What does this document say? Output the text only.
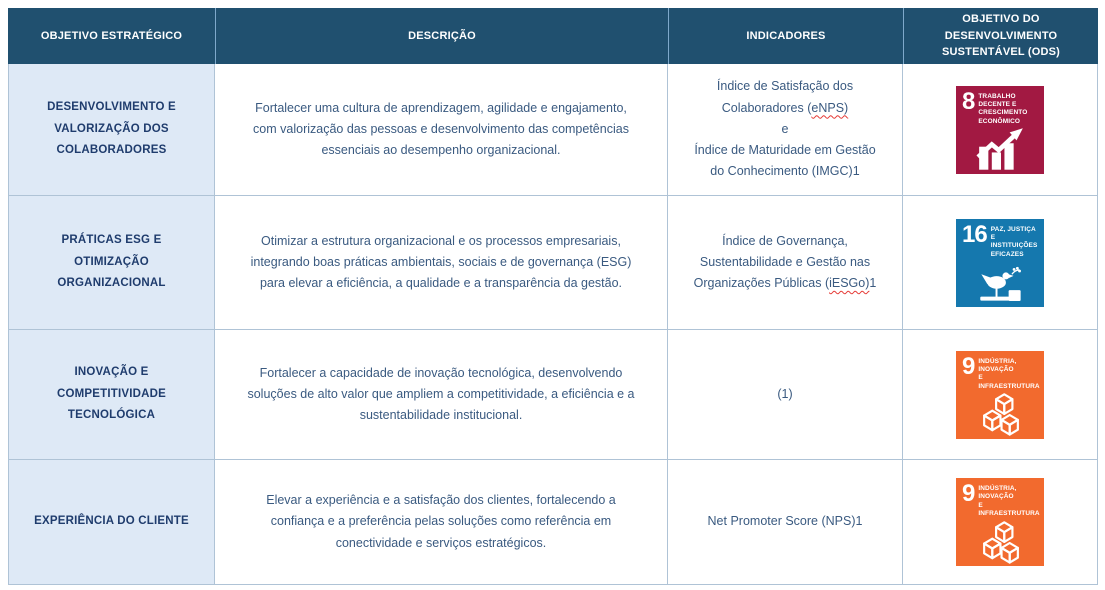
OBJETIVO ESTRATÉGICO	DESCRIÇÃO	INDICADORES
OBJETIVO DO
DESENVOLVIMENTO
SUSTENTÁVEL (ODS)
DESENVOLVIMENTO E
VALORIZAÇÃO DOS
COLABORADORES
Fortalecer uma cultura de aprendizagem, agilidade e engajamento,
com valorização das pessoas e desenvolvimento das competências
essenciais ao desempenho organizacional.
Índice de Satisfação dos
Colaboradores (eNPS)
e
Índice de Maturidade em Gestão
do Conhecimento (IMGC)1
8 TRABALHO DECENTE E
CRESCIMENTO
ECONÔMICO
PRÁTICAS ESG E OTIMIZAÇÃO
ORGANIZACIONAL
Otimizar a estrutura organizacional e os processos empresariais,
integrando boas práticas ambientais, sociais e de governança (ESG)
para elevar a eficiência, a qualidade e a transparência da gestão.
Índice de Governança,
Sustentabilidade e Gestão nas
Organizações Públicas (iESGo)1
16 PAZ, JUSTIÇA E
INSTITUIÇÕES
EFICAZES
INOVAÇÃO E
COMPETITIVIDADE
TECNOLÓGICA
Fortalecer a capacidade de inovação tecnológica, desenvolvendo
soluções de alto valor que ampliem a competitividade, a eficiência e a
sustentabilidade institucional.
(1)
9 INDÚSTRIA, INOVAÇÃO
E INFRAESTRUTURA
EXPERIÊNCIA DO CLIENTE
Elevar a experiência e a satisfação dos clientes, fortalecendo a
confiança e a preferência pelas soluções como referência em
conectividade e serviços estratégicos.
Net Promoter Score (NPS)1
9 INDÚSTRIA, INOVAÇÃO
E INFRAESTRUTURA
